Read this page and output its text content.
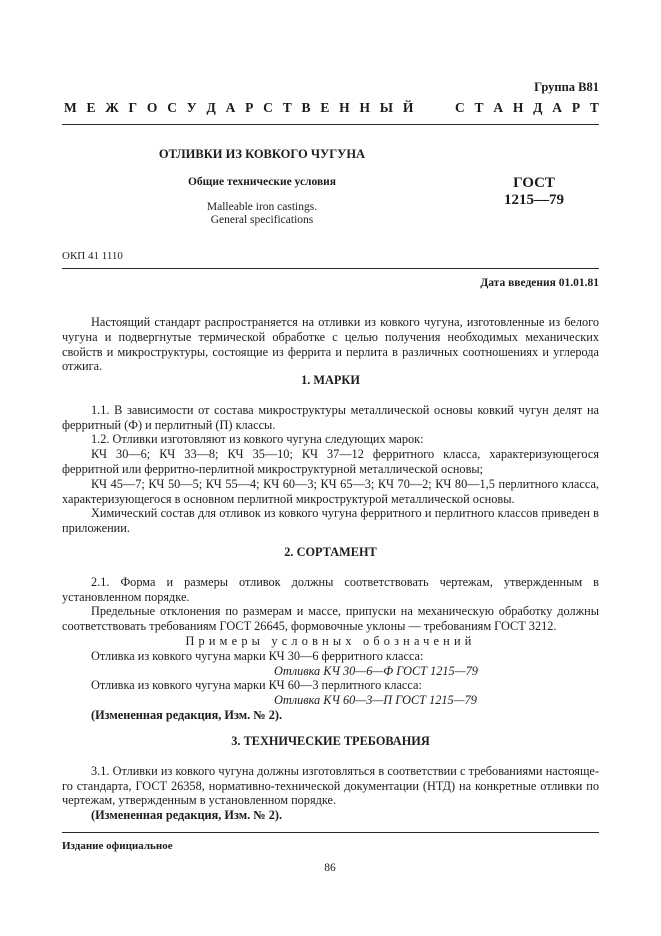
Группа В81
М Е Ж Г О С У Д А Р С Т В Е Н Н Ы Й	С Т А Н Д А Р Т
ОТЛИВКИ ИЗ КОВКОГО ЧУГУНА
Общие технические условия
Malleable iron castings.
General specifications
ГОСТ
1215—79
ОКП 41 1110
Дата введения 01.01.81

Настоящий стандарт распространяется на отливки из ковкого чугуна, изготовленные из белого чугуна и подвергнутые термической обработке с целью получения необходимых механических свойств и микроструктуры, состоящие из феррита и перлита в различных соотношениях и углерода отжига.

1. МАРКИ

1.1. В зависимости от состава микроструктуры металлической основы ковкий чугун делят на ферритный (Ф) и перлитный (П) классы.

1.2. Отливки изготовляют из ковкого чугуна следующих марок:

КЧ 30—6; КЧ 33—8; КЧ 35—10; КЧ 37—12 ферритного класса, характеризующегося ферритной или ферритно-перлитной микроструктурной металлической основы;

КЧ 45—7; КЧ 50—5; КЧ 55—4; КЧ 60—3; КЧ 65—3; КЧ 70—2; КЧ 80—1,5 перлитного класса, характеризующегося в основном перлитной микроструктурой металлической основы.

Химический состав для отливок из ковкого чугуна ферритного и перлитного классов приведен в приложении.

2. СОРТАМЕНТ

2.1. Форма и размеры отливок должны соответствовать чертежам, утвержденным в установленном порядке.

Предельные отклонения по размерам и массе, припуски на механическую обработку должны соответствовать требованиям ГОСТ 26645, формовочные уклоны — требованиям ГОСТ 3212.

Примеры условных обозначений

Отливка из ковкого чугуна марки КЧ 30—6 ферритного класса:

Отливка КЧ 30—6—Ф ГОСТ 1215—79

Отливка из ковкого чугуна марки КЧ 60—3 перлитного класса:

Отливка КЧ 60—3—П ГОСТ 1215—79

(Измененная редакция, Изм. № 2).

3. ТЕХНИЧЕСКИЕ ТРЕБОВАНИЯ

3.1. Отливки из ковкого чугуна должны изготовляться в соответствии с требованиями настояще-го стандарта, ГОСТ 26358, нормативно-технической документации (НТД) на конкретные отливки по чертежам, утвержденным в установленном порядке.

(Измененная редакция, Изм. № 2).

Издание официальное
86
